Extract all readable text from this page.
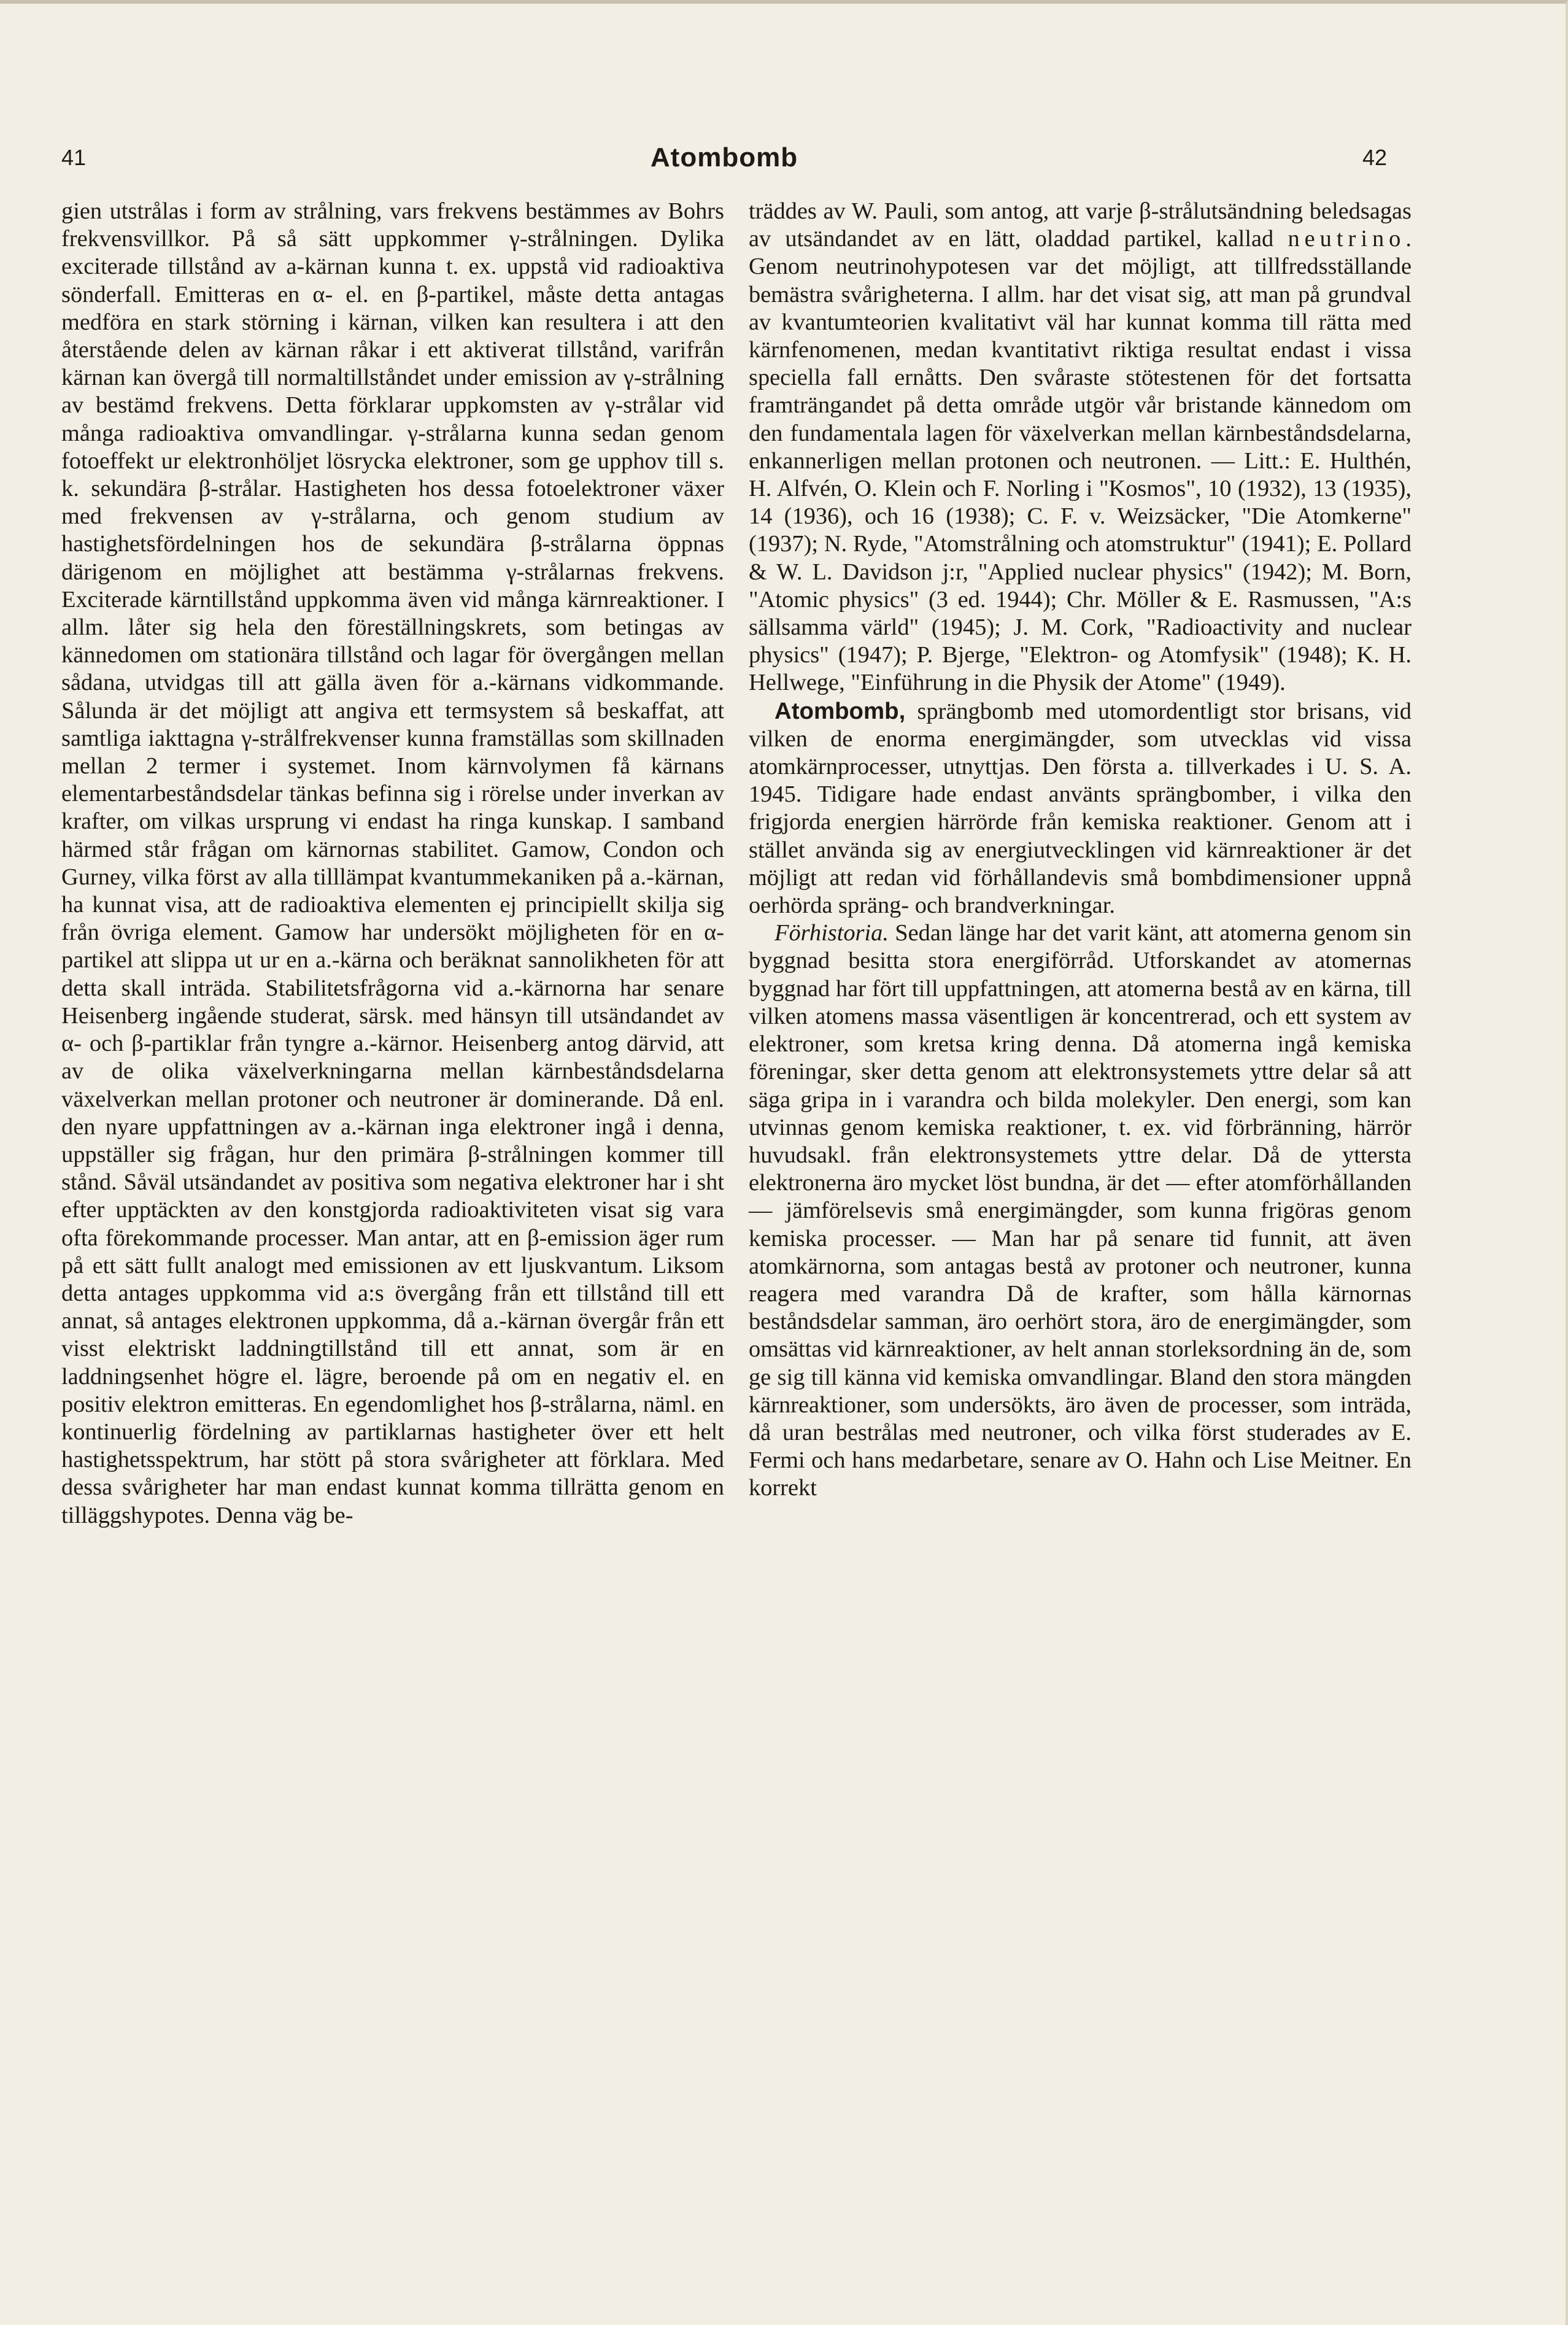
41	Atombomb	42

gien utstrålas i form av strålning, vars frekvens bestämmes av Bohrs frekvensvillkor. På så sätt uppkommer γ-strålningen. Dylika exciterade tillstånd av a-kärnan kunna t. ex. uppstå vid radioaktiva sönderfall. Emitteras en α- el. en β-partikel, måste detta antagas medföra en stark störning i kärnan, vilken kan resultera i att den återstående delen av kärnan råkar i ett aktiverat tillstånd, varifrån kärnan kan övergå till normaltillståndet under emission av γ-strålning av bestämd frekvens. Detta förklarar uppkomsten av γ-strålar vid många radioaktiva omvandlingar. γ-strålarna kunna sedan genom fotoeffekt ur elektronhöljet lösrycka elektroner, som ge upphov till s. k. sekundära β-strålar. Hastigheten hos dessa fotoelektroner växer med frekvensen av γ-strålarna, och genom studium av hastighetsfördelningen hos de sekundära β-strålarna öppnas därigenom en möjlighet att bestämma γ-strålarnas frekvens. Exciterade kärntillstånd uppkomma även vid många kärnreaktioner. I allm. låter sig hela den föreställningskrets, som betingas av kännedomen om stationära tillstånd och lagar för övergången mellan sådana, utvidgas till att gälla även för a.-kärnans vidkommande. Sålunda är det möjligt att angiva ett termsystem så beskaffat, att samtliga iakttagna γ-strålfrekvenser kunna framställas som skillnaden mellan 2 termer i systemet. Inom kärnvolymen få kärnans elementarbeståndsdelar tänkas befinna sig i rörelse under inverkan av krafter, om vilkas ursprung vi endast ha ringa kunskap. I samband härmed står frågan om kärnornas stabilitet. Gamow, Condon och Gurney, vilka först av alla tilllämpat kvantummekaniken på a.-kärnan, ha kunnat visa, att de radioaktiva elementen ej principiellt skilja sig från övriga element. Gamow har undersökt möjligheten för en α-partikel att slippa ut ur en a.-kärna och beräknat sannolikheten för att detta skall inträda. Stabilitetsfrågorna vid a.-kärnorna har senare Heisenberg ingående studerat, särsk. med hänsyn till utsändandet av α- och β-partiklar från tyngre a.-kärnor. Heisenberg antog därvid, att av de olika växelverkningarna mellan kärnbeståndsdelarna växelverkan mellan protoner och neutroner är dominerande. Då enl. den nyare uppfattningen av a.-kärnan inga elektroner ingå i denna, uppställer sig frågan, hur den primära β-strålningen kommer till stånd. Såväl utsändandet av positiva som negativa elektroner har i sht efter upptäckten av den konstgjorda radioaktiviteten visat sig vara ofta förekommande processer. Man antar, att en β-emission äger rum på ett sätt fullt analogt med emissionen av ett ljuskvantum. Liksom detta antages uppkomma vid a:s övergång från ett tillstånd till ett annat, så antages elektronen uppkomma, då a.-kärnan övergår från ett visst elektriskt laddningtillstånd till ett annat, som är en laddningsenhet högre el. lägre, beroende på om en negativ el. en positiv elektron emitteras. En egendomlighet hos β-strålarna, näml. en kontinuerlig fördelning av partiklarnas hastigheter över ett helt hastighetsspektrum, har stött på stora svårigheter att förklara. Med dessa svårigheter har man endast kunnat komma tillrätta genom en tilläggshypotes. Denna väg be-

träddes av W. Pauli, som antog, att varje β-strålutsändning beledsagas av utsändandet av en lätt, oladdad partikel, kallad neutrino. Genom neutrinohypotesen var det möjligt, att tillfredsställande bemästra svårigheterna. I allm. har det visat sig, att man på grundval av kvantumteorien kvalitativt väl har kunnat komma till rätta med kärnfenomenen, medan kvantitativt riktiga resultat endast i vissa speciella fall ernåtts. Den svåraste stötestenen för det fortsatta framträngandet på detta område utgör vår bristande kännedom om den fundamentala lagen för växelverkan mellan kärnbeståndsdelarna, enkannerligen mellan protonen och neutronen. — Litt.: E. Hulthén, H. Alfvén, O. Klein och F. Norling i "Kosmos", 10 (1932), 13 (1935), 14 (1936), och 16 (1938); C. F. v. Weizsäcker, "Die Atomkerne" (1937); N. Ryde, "Atomstrålning och atomstruktur" (1941); E. Pollard & W. L. Davidson j:r, "Applied nuclear physics" (1942); M. Born, "Atomic physics" (3 ed. 1944); Chr. Möller & E. Rasmussen, "A:s sällsamma värld" (1945); J. M. Cork, "Radioactivity and nuclear physics" (1947); P. Bjerge, "Elektron- og Atomfysik" (1948); K. H. Hellwege, "Einführung in die Physik der Atome" (1949).

Atombomb, sprängbomb med utomordentligt stor brisans, vid vilken de enorma energimängder, som utvecklas vid vissa atomkärnprocesser, utnyttjas. Den första a. tillverkades i U. S. A. 1945. Tidigare hade endast använts sprängbomber, i vilka den frigjorda energien härrörde från kemiska reaktioner. Genom att i stället använda sig av energiutvecklingen vid kärnreaktioner är det möjligt att redan vid förhållandevis små bombdimensioner uppnå oerhörda spräng- och brandverkningar.

Förhistoria. Sedan länge har det varit känt, att atomerna genom sin byggnad besitta stora energiförråd. Utforskandet av atomernas byggnad har fört till uppfattningen, att atomerna bestå av en kärna, till vilken atomens massa väsentligen är koncentrerad, och ett system av elektroner, som kretsa kring denna. Då atomerna ingå kemiska föreningar, sker detta genom att elektronsystemets yttre delar så att säga gripa in i varandra och bilda molekyler. Den energi, som kan utvinnas genom kemiska reaktioner, t. ex. vid förbränning, härrör huvudsakl. från elektronsystemets yttre delar. Då de yttersta elektronerna äro mycket löst bundna, är det — efter atomförhållanden — jämförelsevis små energimängder, som kunna frigöras genom kemiska processer. — Man har på senare tid funnit, att även atomkärnorna, som antagas bestå av protoner och neutroner, kunna reagera med varandra Då de krafter, som hålla kärnornas beståndsdelar samman, äro oerhört stora, äro de energimängder, som omsättas vid kärnreaktioner, av helt annan storleksordning än de, som ge sig till känna vid kemiska omvandlingar. Bland den stora mängden kärnreaktioner, som undersökts, äro även de processer, som inträda, då uran bestrålas med neutroner, och vilka först studerades av E. Fermi och hans medarbetare, senare av O. Hahn och Lise Meitner. En korrekt
